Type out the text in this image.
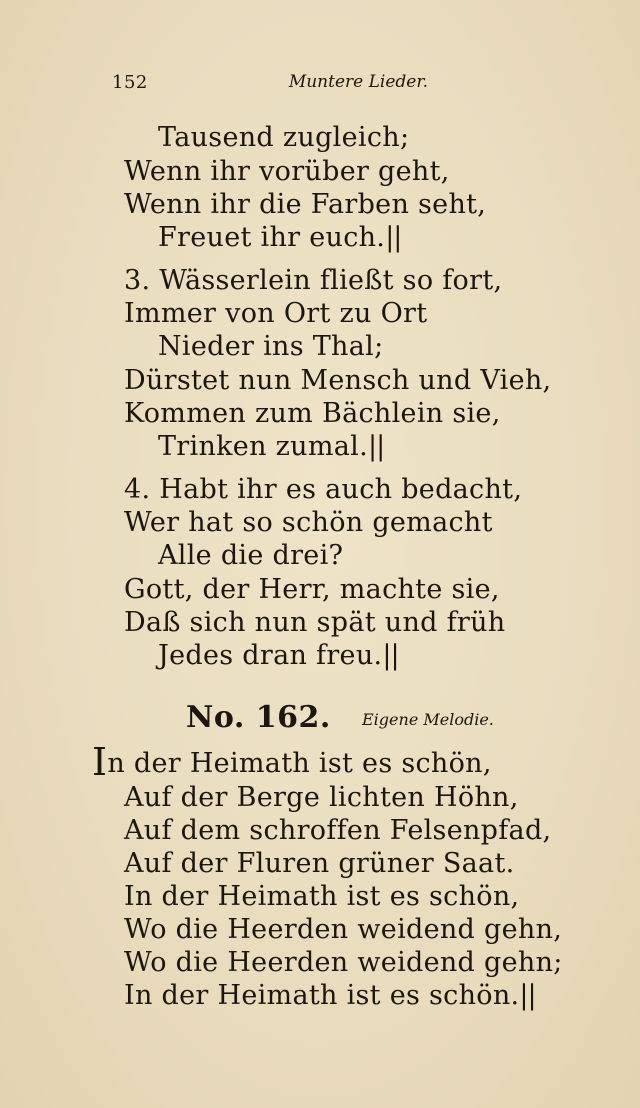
152	Muntere Lieder.
Tausend zugleich;
Wenn ihr vorüber geht,
Wenn ihr die Farben seht,
Freuet ihr euch.||
3. Wässerlein fließt so fort,
Immer von Ort zu Ort
Nieder ins Thal;
Dürstet nun Mensch und Vieh,
Kommen zum Bächlein sie,
Trinken zumal.||
4. Habt ihr es auch bedacht,
Wer hat so schön gemacht
Alle die drei?
Gott, der Herr, machte sie,
Daß sich nun spät und früh
Jedes dran freu.||
No. 162. Eigene Melodie.
In der Heimath ist es schön,
Auf der Berge lichten Höhn,
Auf dem schroffen Felsenpfad,
Auf der Fluren grüner Saat.
In der Heimath ist es schön,
Wo die Heerden weidend gehn,
Wo die Heerden weidend gehn;
In der Heimath ist es schön.||
